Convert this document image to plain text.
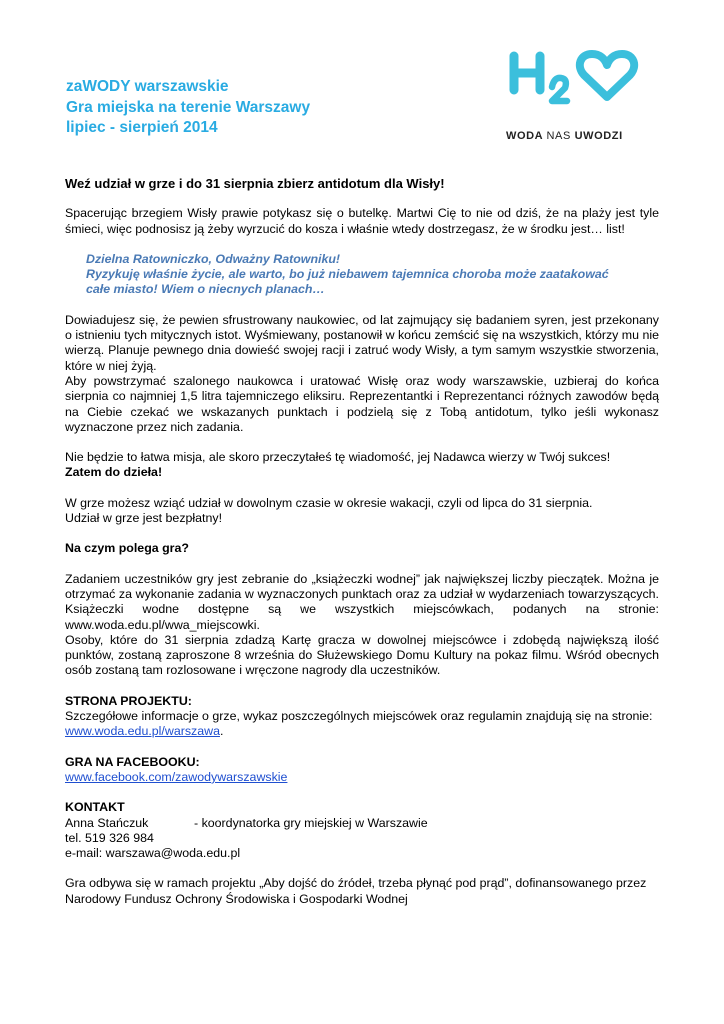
zaWODY warszawskie
Gra miejska na terenie Warszawy
lipiec - sierpień 2014	WODA NAS UWODZI

Weź udział w grze i do 31 sierpnia zbierz antidotum dla Wisły!

Spacerując brzegiem Wisły prawie potykasz się o butelkę. Martwi Cię to nie od dziś, że na plaży jest tyle śmieci, więc podnosisz ją żeby wyrzucić do kosza i właśnie wtedy dostrzegasz, że w środku jest… list!

Dzielna Ratowniczko, Odważny Ratowniku!
Ryzykuję właśnie życie, ale warto, bo już niebawem tajemnica choroba może zaatakować
całe miasto! Wiem o niecnych planach…

Dowiadujesz się, że pewien sfrustrowany naukowiec, od lat zajmujący się badaniem syren, jest przekonany o istnieniu tych mitycznych istot. Wyśmiewany, postanowił w końcu zemścić się na wszystkich, którzy mu nie wierzą. Planuje pewnego dnia dowieść swojej racji i zatruć wody Wisły, a tym samym wszystkie stworzenia, które w niej żyją.

Aby powstrzymać szalonego naukowca i uratować Wisłę oraz wody warszawskie, uzbieraj do końca sierpnia co najmniej 1,5 litra tajemniczego eliksiru. Reprezentantki i Reprezentanci różnych zawodów będą na Ciebie czekać we wskazanych punktach i podzielą się z Tobą antidotum, tylko jeśli wykonasz wyznaczone przez nich zadania.

Nie będzie to łatwa misja, ale skoro przeczytałeś tę wiadomość, jej Nadawca wierzy w Twój sukces!

Zatem do dzieła!

W grze możesz wziąć udział w dowolnym czasie w okresie wakacji, czyli od lipca do 31 sierpnia.

Udział w grze jest bezpłatny!

Na czym polega gra?

Zadaniem uczestników gry jest zebranie do „książeczki wodnej” jak największej liczby pieczątek. Można je otrzymać za wykonanie zadania w wyznaczonych punktach oraz za udział w wydarzeniach towarzyszących. Książeczki wodne dostępne są we wszystkich miejscówkach, podanych na stronie: www.woda.edu.pl/wwa_miejscowki.

Osoby, które do 31 sierpnia zdadzą Kartę gracza w dowolnej miejscówce i zdobędą największą ilość punktów, zostaną zaproszone 8 września do Służewskiego Domu Kultury na pokaz filmu. Wśród obecnych osób zostaną tam rozlosowane i wręczone nagrody dla uczestników.

STRONA PROJEKTU:

Szczegółowe informacje o grze, wykaz poszczególnych miejscówek oraz regulamin znajdują się na stronie: www.woda.edu.pl/warszawa.

GRA NA FACEBOOKU:

www.facebook.com/zawodywarszawskie

KONTAKT

Anna Stańczuk	- koordynatorka gry miejskiej w Warszawie

tel. 519 326 984

e-mail: warszawa@woda.edu.pl

Gra odbywa się w ramach projektu „Aby dojść do źródeł, trzeba płynąć pod prąd”, dofinansowanego przez Narodowy Fundusz Ochrony Środowiska i Gospodarki Wodnej
